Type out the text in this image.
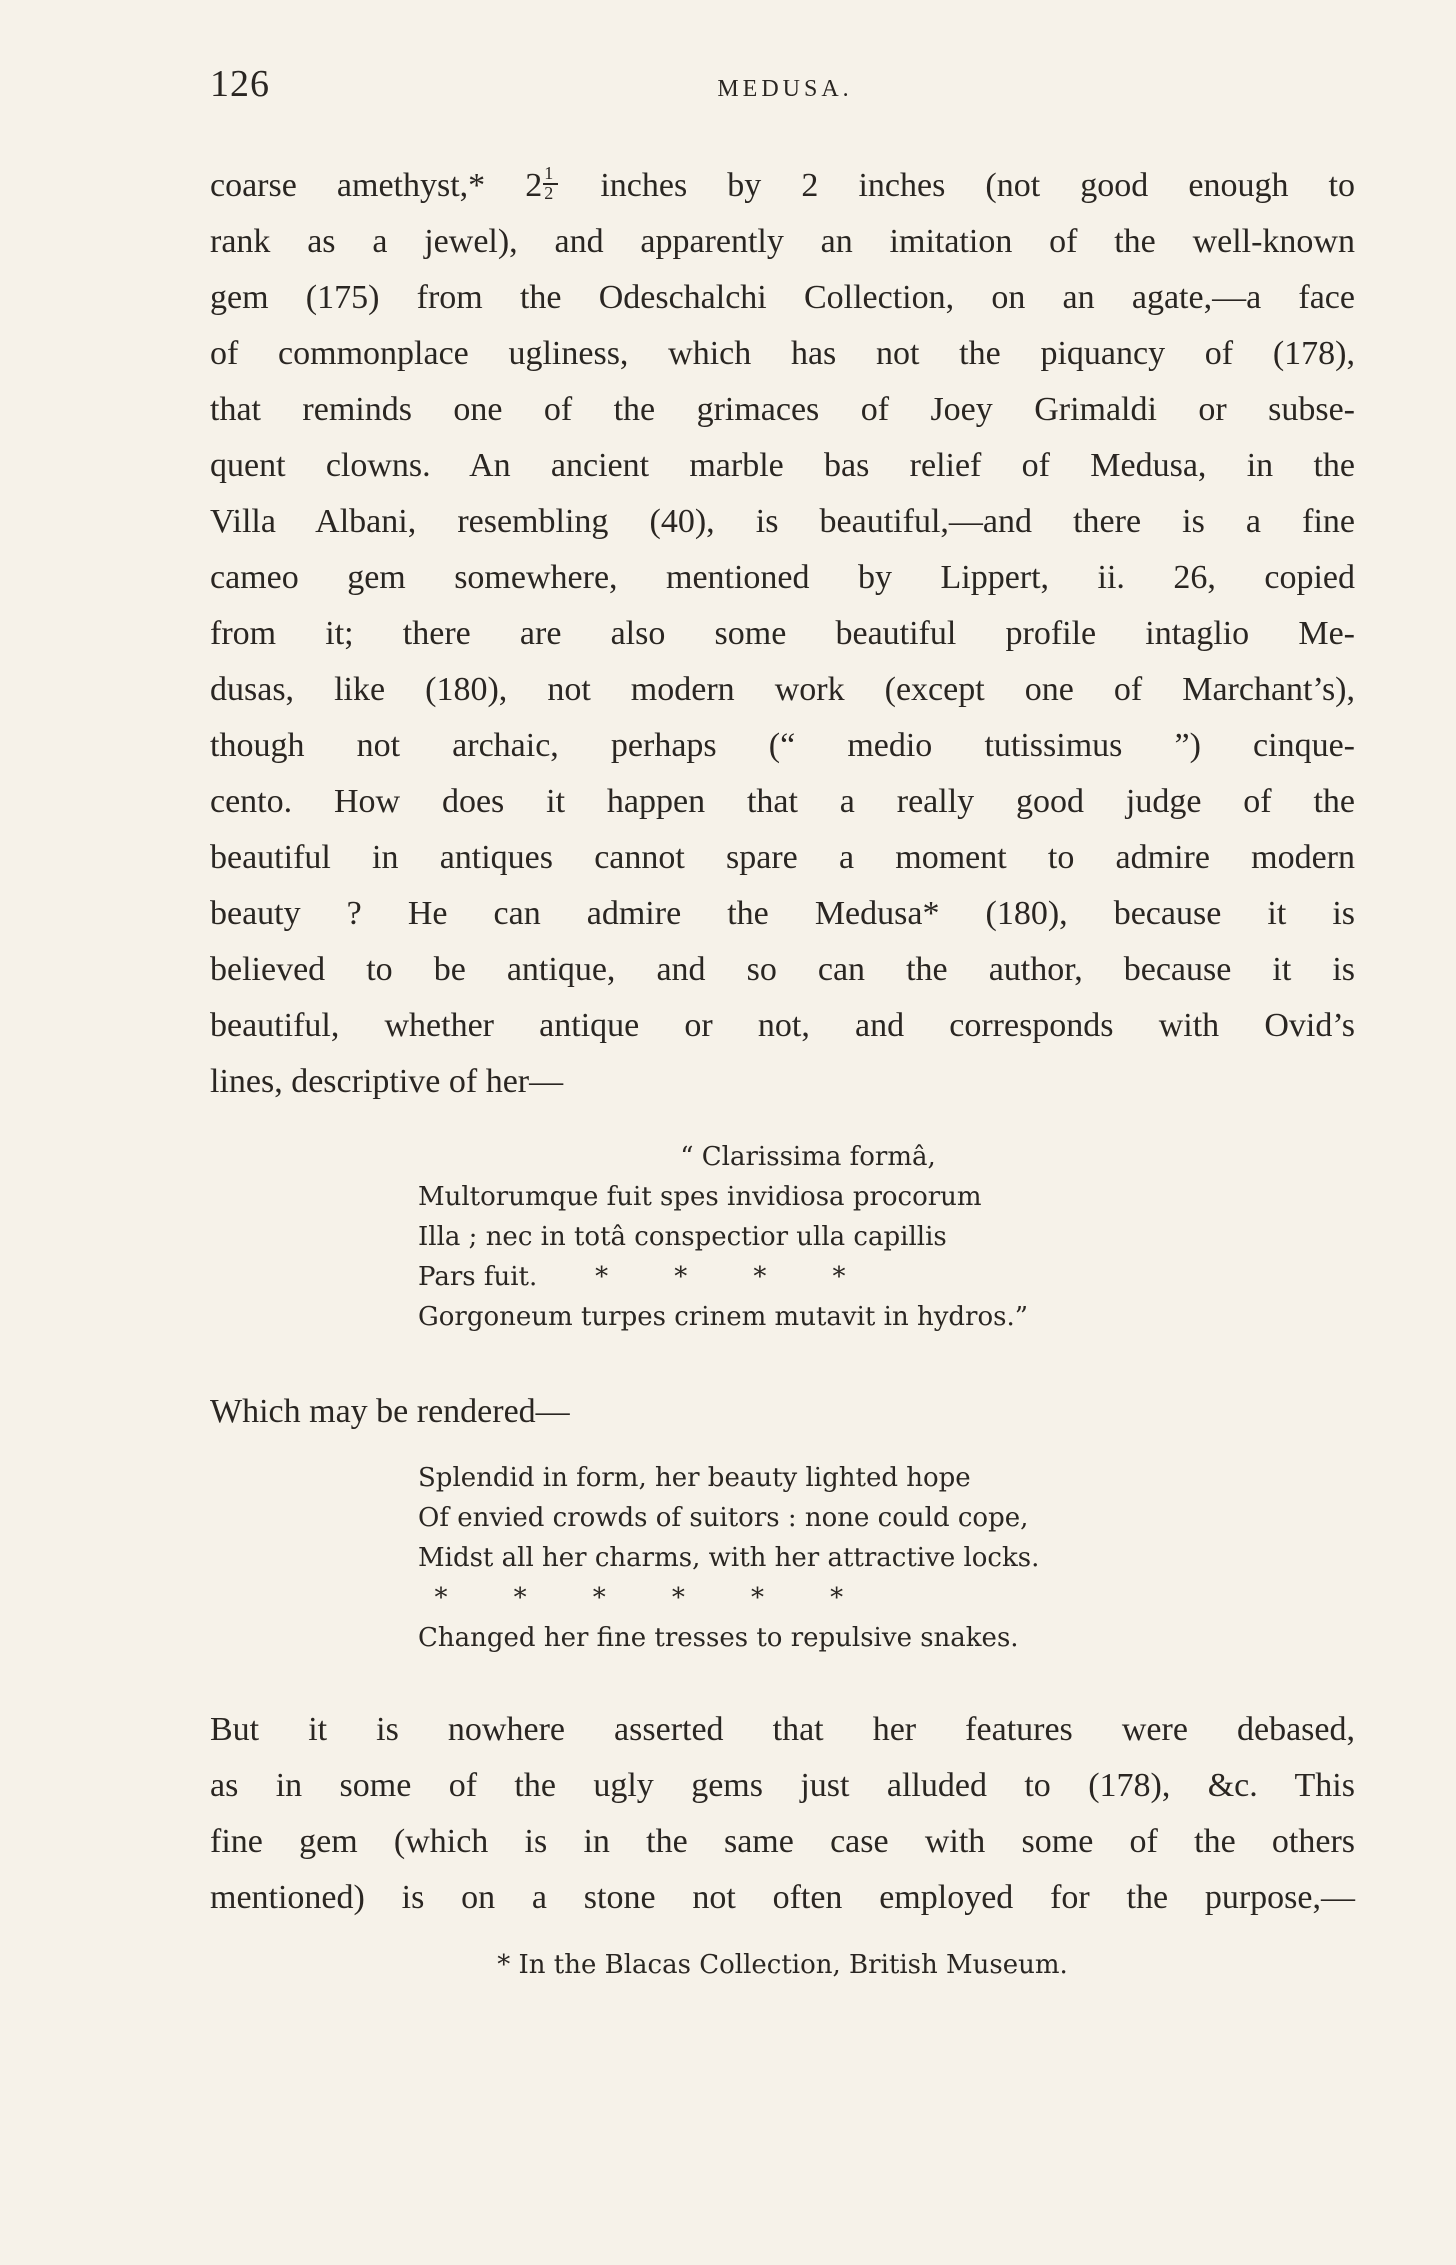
126	MEDUSA.
coarse amethyst,* $2 \frac{1}{2}$ inches by 2 inches (not good enough to
rank as a jewel), and apparently an imitation of the well-known
gem (175) from the Odeschalchi Collection, on an agate,—a face
of commonplace ugliness, which has not the piquancy of (178),
that reminds one of the grimaces of Joey Grimaldi or subse-
quent clowns. An ancient marble bas relief of Medusa, in the
Villa Albani, resembling (40), is beautiful,—and there is a fine
cameo gem somewhere, mentioned by Lippert, ii. 26, copied
from it; there are also some beautiful profile intaglio Me-
dusas, like (180), not modern work (except one of Marchant’s),
though not archaic, perhaps (“ medio tutissimus ”) cinque-
cento. How does it happen that a really good judge of the
beautiful in antiques cannot spare a moment to admire modern
beauty ? He can admire the Medusa* (180), because it is
believed to be antique, and so can the author, because it is
beautiful, whether antique or not, and corresponds with Ovid’s
lines, descriptive of her—
“ Clarissima formâ,
Multorumque fuit spes invidiosa procorum
Illa ; nec in totâ conspectior ulla capillis
Pars fuit.       *        *        *        *
Gorgoneum turpes crinem mutavit in hydros.”
Which may be rendered—
Splendid in form, her beauty lighted hope
Of envied crowds of suitors : none could cope,
Midst all her charms, with her attractive locks.
*        *        *        *        *        *
Changed her fine tresses to repulsive snakes.
But it is nowhere asserted that her features were debased,
as in some of the ugly gems just alluded to (178), &c. This
fine gem (which is in the same case with some of the others
mentioned) is on a stone not often employed for the purpose,—
* In the Blacas Collection, British Museum.
